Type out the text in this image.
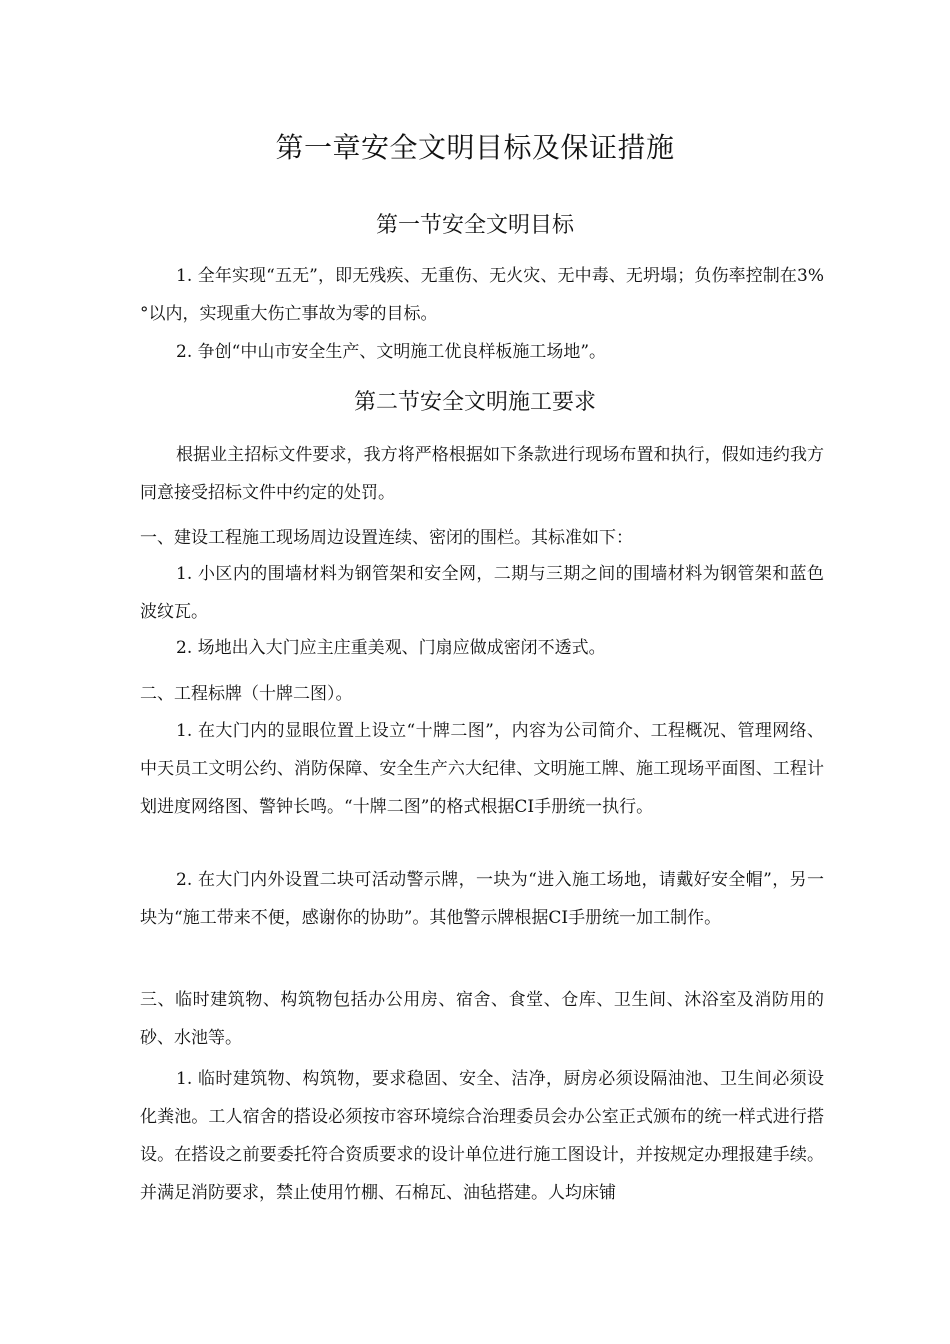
第一章安全文明目标及保证措施
第一节安全文明目标
1. 全年实现“五无”，即无残疾、无重伤、无火灾、无中毒、无坍塌；负伤率控制在3%°以内，实现重大伤亡事故为零的目标。
2. 争创“中山市安全生产、文明施工优良样板施工场地”。
第二节安全文明施工要求
根据业主招标文件要求，我方将严格根据如下条款进行现场布置和执行，假如违约我方同意接受招标文件中约定的处罚。
一、建设工程施工现场周边设置连续、密闭的围栏。其标准如下：
1. 小区内的围墙材料为钢管架和安全网，二期与三期之间的围墙材料为钢管架和蓝色波纹瓦。
2. 场地出入大门应主庄重美观、门扇应做成密闭不透式。
二、工程标牌（十牌二图）。
1. 在大门内的显眼位置上设立“十牌二图”，内容为公司简介、工程概况、管理网络、中天员工文明公约、消防保障、安全生产六大纪律、文明施工牌、施工现场平面图、工程计划进度网络图、警钟长鸣。“十牌二图”的格式根据CI手册统一执行。
2. 在大门内外设置二块可活动警示牌，一块为“进入施工场地，请戴好安全帽”，另一块为“施工带来不便，感谢你的协助”。其他警示牌根据CI手册统一加工制作。
三、临时建筑物、构筑物包括办公用房、宿舍、食堂、仓库、卫生间、沐浴室及消防用的砂、水池等。
1. 临时建筑物、构筑物，要求稳固、安全、洁净，厨房必须设隔油池、卫生间必须设化粪池。工人宿舍的搭设必须按市容环境综合治理委员会办公室正式颁布的统一样式进行搭设。在搭设之前要委托符合资质要求的设计单位进行施工图设计，并按规定办理报建手续。并满足消防要求，禁止使用竹棚、石棉瓦、油毡搭建。人均床铺
